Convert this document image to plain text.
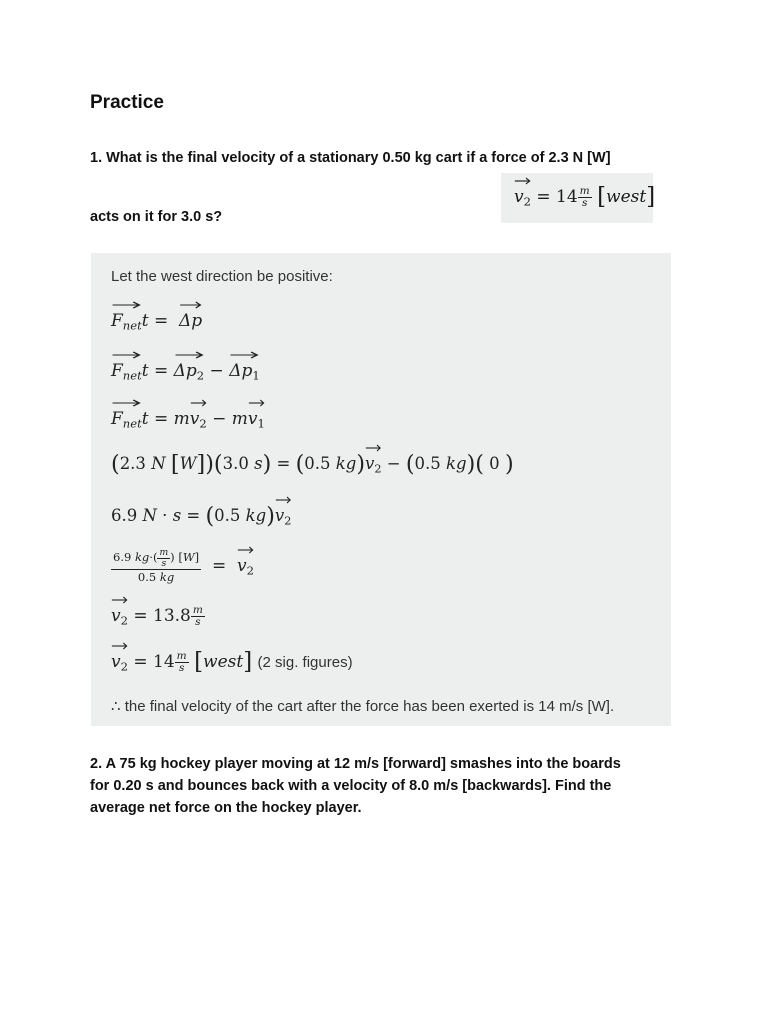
Practice
1. What is the final velocity of a stationary 0.50 kg cart if a force of 2.3 N [W]
acts on it for 3.0 s?
$v_2 = 14 \frac{m}{s}$ [west]
Let the west direction be positive:
$F_{net}t$ =
Δp
$F_{net}t$ =
$\Delta p_2$ −
$\Delta p_1$
$F_{net}t = m$
$v_2 - m$
$v_1$
(2.3 N [W])(3.0 s) = (0.5 kg)
$v_2 - (0.5$ kg)( 0 )
6.9 N · s = (0.5 kg)
$v_2$
$\frac{6.9 kg\cdot( \frac{m}{s} ) [W]}{0.5 kg}$ =
$v_2$
$v_2 = 13.8 \frac{m}{s}$
$v_2 = 14 \frac{m}{s}$ [west] (2 sig. figures)
∴ the final velocity of the cart after the force has been exerted is 14 m/s [W].
2. A 75 kg hockey player moving at 12 m/s [forward] smashes into the boards
for 0.20 s and bounces back with a velocity of 8.0 m/s [backwards]. Find the
average net force on the hockey player.
